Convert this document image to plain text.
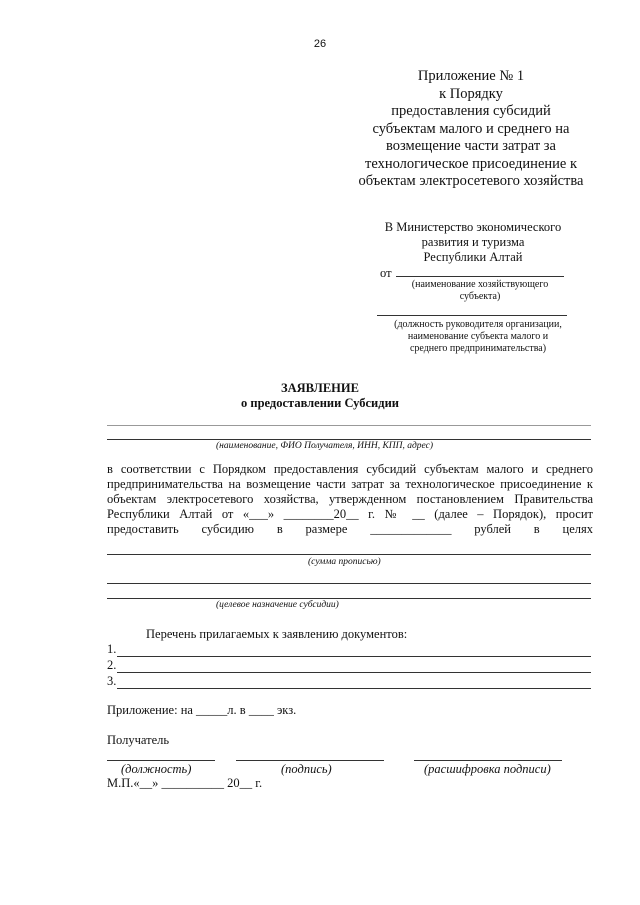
26
Приложение № 1
к Порядку
предоставления субсидий
субъектам малого и среднего на
возмещение части затрат за
технологическое присоединение к
объектам электросетевого хозяйства
В Министерство экономического
развития и туризма
Республики Алтай
от
(наименование хозяйствующего субъекта)
(должность руководителя организации, наименование субъекта малого и среднего предпринимательства)
ЗАЯВЛЕНИЕ
о предоставлении Субсидии
(наименование, ФИО Получателя, ИНН, КПП, адрес)

в соответствии с Порядком предоставления субсидий субъектам малого и среднего

предпринимательства на возмещение части затрат за технологическое присоединение к

объектам электросетевого хозяйства, утвержденном постановлением Правительства

Республики Алтай от «___» ________20__ г. № __ (далее – Порядок), просит

предоставить субсидию в размере _____________ рублей в целях

(сумма прописью)
(целевое назначение субсидии)
Перечень прилагаемых к заявлению документов:
1.
2.
3.
Приложение: на _____л. в ____ экз.
Получатель
(должность)	(подпись)	(расшифровка подписи)
М.П.«__» __________ 20__ г.
